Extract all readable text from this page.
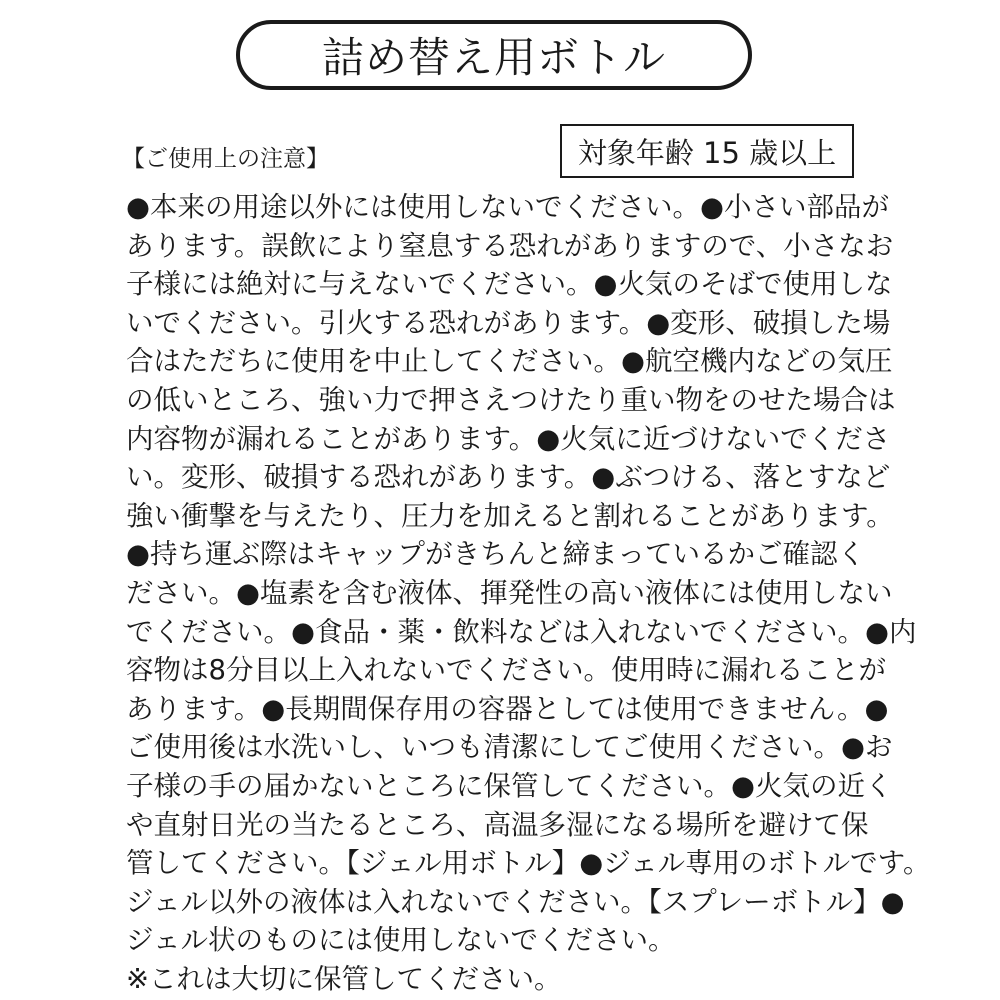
詰め替え用ボトル
【ご使用上の注意】	対象年齢 15 歳以上
●本来の用途以外には使用しないでください。●小さい部品が
あります。誤飲により窒息する恐れがありますので、小さなお
子様には絶対に与えないでください。●火気のそばで使用しな
いでください。引火する恐れがあります。●変形、破損した場
合はただちに使用を中止してください。●航空機内などの気圧
の低いところ、強い力で押さえつけたり重い物をのせた場合は
内容物が漏れることがあります。●火気に近づけないでくださ
い。変形、破損する恐れがあります。●ぶつける、落とすなど
強い衝撃を与えたり、圧力を加えると割れることがあります。
●持ち運ぶ際はキャップがきちんと締まっているかご確認く
ださい。●塩素を含む液体、揮発性の高い液体には使用しない
でください。●食品・薬・飲料などは入れないでください。●内
容物は8分目以上入れないでください。使用時に漏れることが
あります。●長期間保存用の容器としては使用できません。●
ご使用後は水洗いし、いつも清潔にしてご使用ください。●お
子様の手の届かないところに保管してください。●火気の近く
や直射日光の当たるところ、高温多湿になる場所を避けて保
管してください。【ジェル用ボトル】●ジェル専用のボトルです。
ジェル以外の液体は入れないでください。【スプレーボトル】●
ジェル状のものには使用しないでください。
※これは大切に保管してください。
